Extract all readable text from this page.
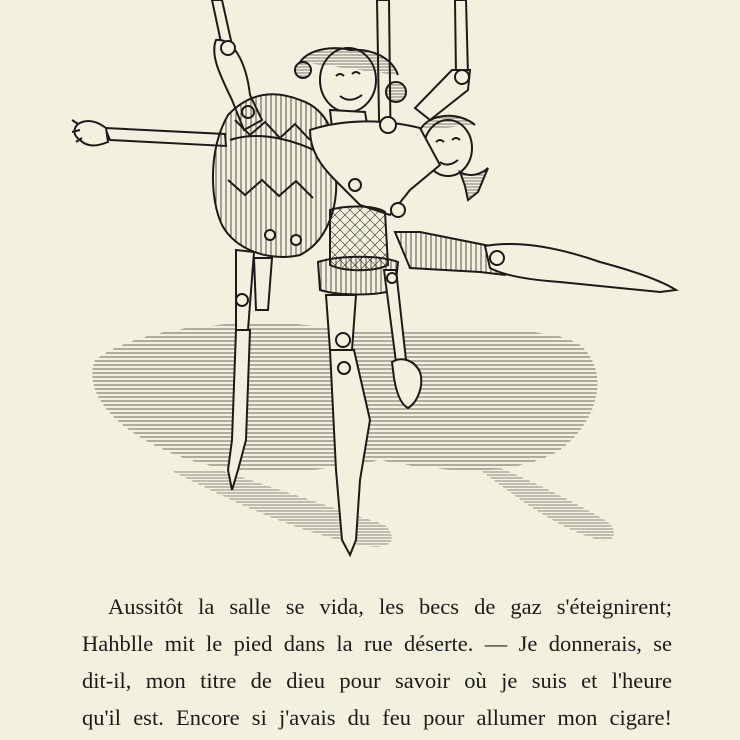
Aussitôt la salle se vida, les becs de gaz s'éteignirent;
Hahblle mit le pied dans la rue déserte. — Je donnerais, se
dit-il, mon titre de dieu pour savoir où je suis et l'heure
qu'il est. Encore si j'avais du feu pour allumer mon cigare!
